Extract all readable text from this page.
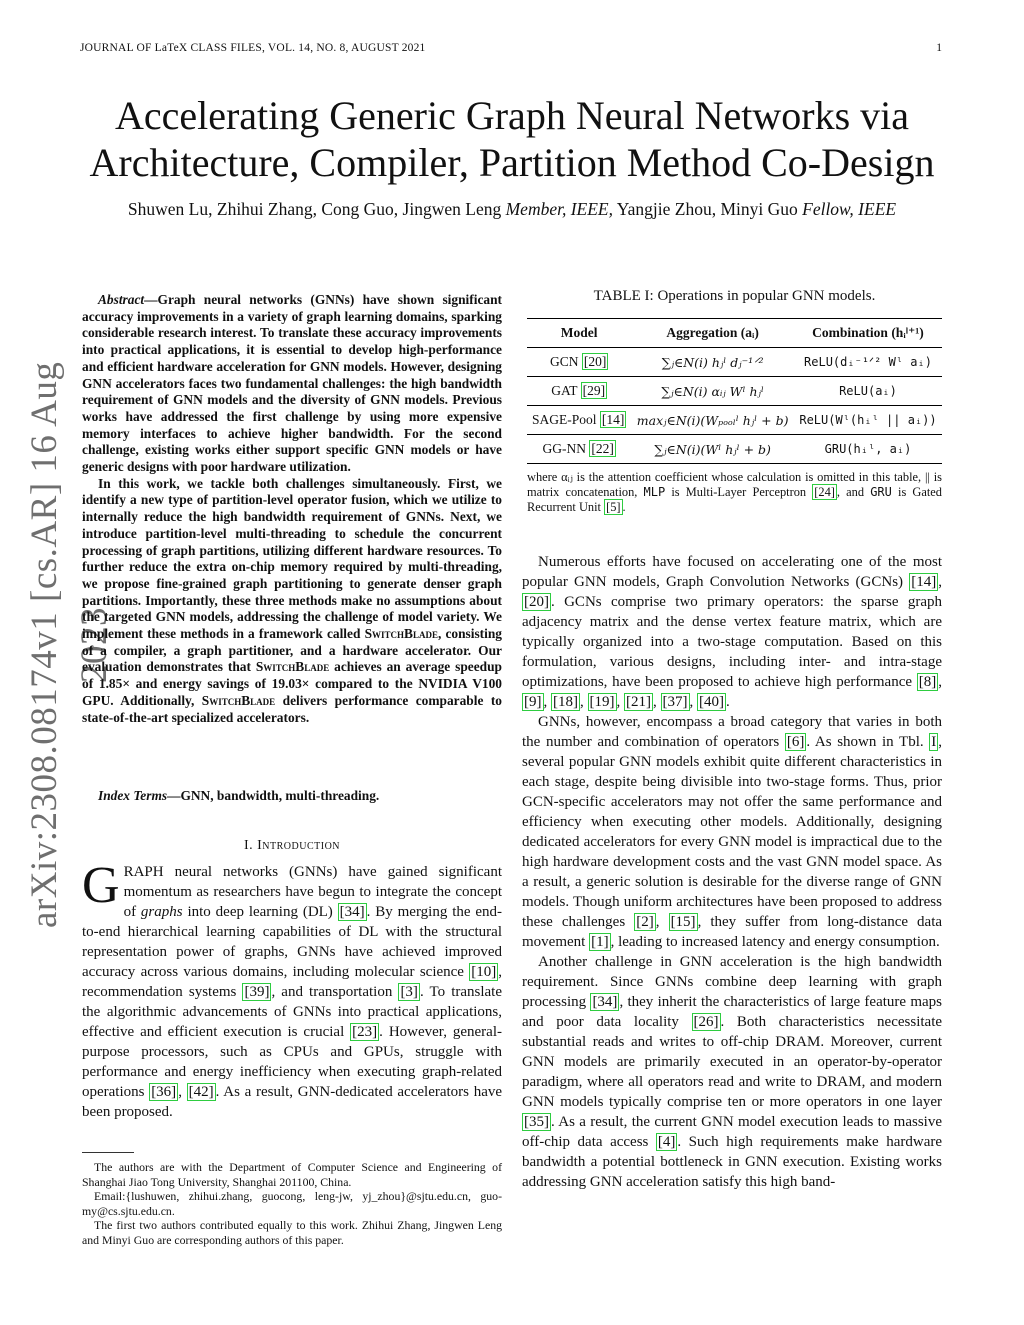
JOURNAL OF LaTeX CLASS FILES, VOL. 14, NO. 8, AUGUST 2021	1
Accelerating Generic Graph Neural Networks via Architecture, Compiler, Partition Method Co-Design
Shuwen Lu, Zhihui Zhang, Cong Guo, Jingwen Leng Member, IEEE, Yangjie Zhou, Minyi Guo Fellow, IEEE
arXiv:2308.08174v1 [cs.AR] 16 Aug 2023

Abstract—Graph neural networks (GNNs) have shown significant accuracy improvements in a variety of graph learning domains, sparking considerable research interest. To translate these accuracy improvements into practical applications, it is essential to develop high-performance and efficient hardware acceleration for GNN models. However, designing GNN accelerators faces two fundamental challenges: the high bandwidth requirement of GNN models and the diversity of GNN models. Previous works have addressed the first challenge by using more expensive memory interfaces to achieve higher bandwidth. For the second challenge, existing works either support specific GNN models or have generic designs with poor hardware utilization.

In this work, we tackle both challenges simultaneously. First, we identify a new type of partition-level operator fusion, which we utilize to internally reduce the high bandwidth requirement of GNNs. Next, we introduce partition-level multi-threading to schedule the concurrent processing of graph partitions, utilizing different hardware resources. To further reduce the extra on-chip memory required by multi-threading, we propose fine-grained graph partitioning to generate denser graph partitions. Importantly, these three methods make no assumptions about the targeted GNN models, addressing the challenge of model variety. We implement these methods in a framework called SwitchBlade, consisting of a compiler, a graph partitioner, and a hardware accelerator. Our evaluation demonstrates that SwitchBlade achieves an average speedup of 1.85× and energy savings of 19.03× compared to the NVIDIA V100 GPU. Additionally, SwitchBlade delivers performance comparable to state-of-the-art specialized accelerators.

Index Terms—GNN, bandwidth, multi-threading.
I. Introduction

GRAPH neural networks (GNNs) have gained significant momentum as researchers have begun to integrate the concept of graphs into deep learning (DL) [34] . By merging the end-to-end hierarchical learning capabilities of DL with the structural representation power of graphs, GNNs have achieved improved accuracy across various domains, including molecular science [10] , recommendation systems [39] , and transportation [3] . To translate the algorithmic advancements of GNNs into practical applications, effective and efficient execution is crucial [23] . However, general-purpose processors, such as CPUs and GPUs, struggle with performance and energy inefficiency when executing graph-related operations [36] , [42] . As a result, GNN-dedicated accelerators have been proposed.

The authors are with the Department of Computer Science and Engineering of Shanghai Jiao Tong University, Shanghai 201100, China.

Email:{lushuwen, zhihui.zhang, guocong, leng-jw, yj_zhou}@sjtu.edu.cn, guo-my@cs.sjtu.edu.cn.

The first two authors contributed equally to this work. Zhihui Zhang, Jingwen Leng and Minyi Guo are corresponding authors of this paper.

TABLE I: Operations in popular GNN models.
Model	Aggregation (aᵢ)	Combination (hᵢˡ⁺¹)
GCN [20]	∑ⱼ∈N(i) hⱼˡ dⱼ⁻¹ᐟ²	ReLU(dᵢ⁻¹ᐟ² Wˡ aᵢ)
GAT [29]	∑ⱼ∈N(i) αᵢⱼ Wˡ hⱼˡ	ReLU(aᵢ)
SAGE-Pool [14]	maxⱼ∈N(i)(Wₚₒₒₗˡ hⱼˡ + b)	ReLU(Wˡ(hᵢˡ || aᵢ))
GG-NN [22]	∑ⱼ∈N(i)(Wˡ hⱼˡ + b)	GRU(hᵢˡ, aᵢ)
where αᵢⱼ is the attention coefficient whose calculation is omitted in this table, || is matrix concatenation, MLP is Multi-Layer Perceptron [24] , and GRU is Gated Recurrent Unit [5] .

Numerous efforts have focused on accelerating one of the most popular GNN models, Graph Convolution Networks (GCNs) [14] , [20] . GCNs comprise two primary operators: the sparse graph adjacency matrix and the dense vertex feature matrix, which are typically organized into a two-stage computation. Based on this formulation, various designs, including inter- and intra-stage optimizations, have been proposed to achieve high performance [8] , [9] , [18] , [19] , [21] , [37] , [40] .

GNNs, however, encompass a broad category that varies in both the number and combination of operators [6] . As shown in Tbl. I , several popular GNN models exhibit quite different characteristics in each stage, despite being divisible into two-stage forms. Thus, prior GCN-specific accelerators may not offer the same performance and efficiency when executing other models. Additionally, designing dedicated accelerators for every GNN model is impractical due to the high hardware development costs and the vast GNN model space. As a result, a generic solution is desirable for the diverse range of GNN models. Though uniform architectures have been proposed to address these challenges [2] , [15] , they suffer from long-distance data movement [1] , leading to increased latency and energy consumption.

Another challenge in GNN acceleration is the high bandwidth requirement. Since GNNs combine deep learning with graph processing [34] , they inherit the characteristics of large feature maps and poor data locality [26] . Both characteristics necessitate substantial reads and writes to off-chip DRAM. Moreover, current GNN models are primarily executed in an operator-by-operator paradigm, where all operators read and write to DRAM, and modern GNN models typically comprise ten or more operators in one layer [35] . As a result, the current GNN model execution leads to massive off-chip data access [4] . Such high requirements make hardware bandwidth a potential bottleneck in GNN execution. Existing works addressing GNN acceleration satisfy this high band-
